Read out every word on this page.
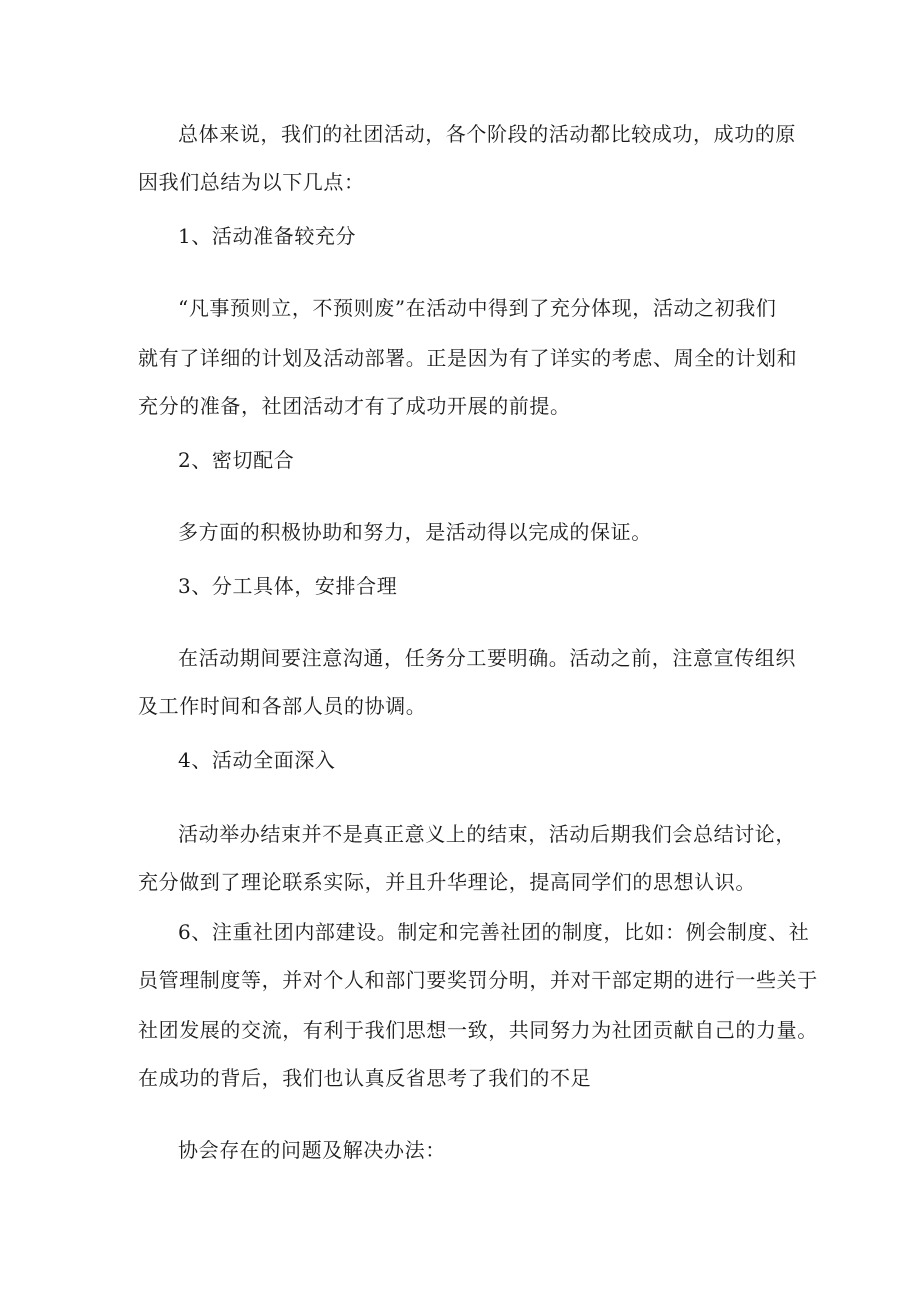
总体来说，我们的社团活动，各个阶段的活动都比较成功，成功的原
因我们总结为以下几点：
1、活动准备较充分
“凡事预则立，不预则废”在活动中得到了充分体现，活动之初我们
就有了详细的计划及活动部署。正是因为有了详实的考虑、周全的计划和
充分的准备，社团活动才有了成功开展的前提。
2、密切配合
多方面的积极协助和努力，是活动得以完成的保证。
3、分工具体，安排合理
在活动期间要注意沟通，任务分工要明确。活动之前，注意宣传组织
及工作时间和各部人员的协调。
4、活动全面深入
活动举办结束并不是真正意义上的结束，活动后期我们会总结讨论，
充分做到了理论联系实际，并且升华理论，提高同学们的思想认识。
6、注重社团内部建设。制定和完善社团的制度，比如：例会制度、社
员管理制度等，并对个人和部门要奖罚分明，并对干部定期的进行一些关于
社团发展的交流，有利于我们思想一致，共同努力为社团贡献自己的力量。
在成功的背后，我们也认真反省思考了我们的不足
协会存在的问题及解决办法：
